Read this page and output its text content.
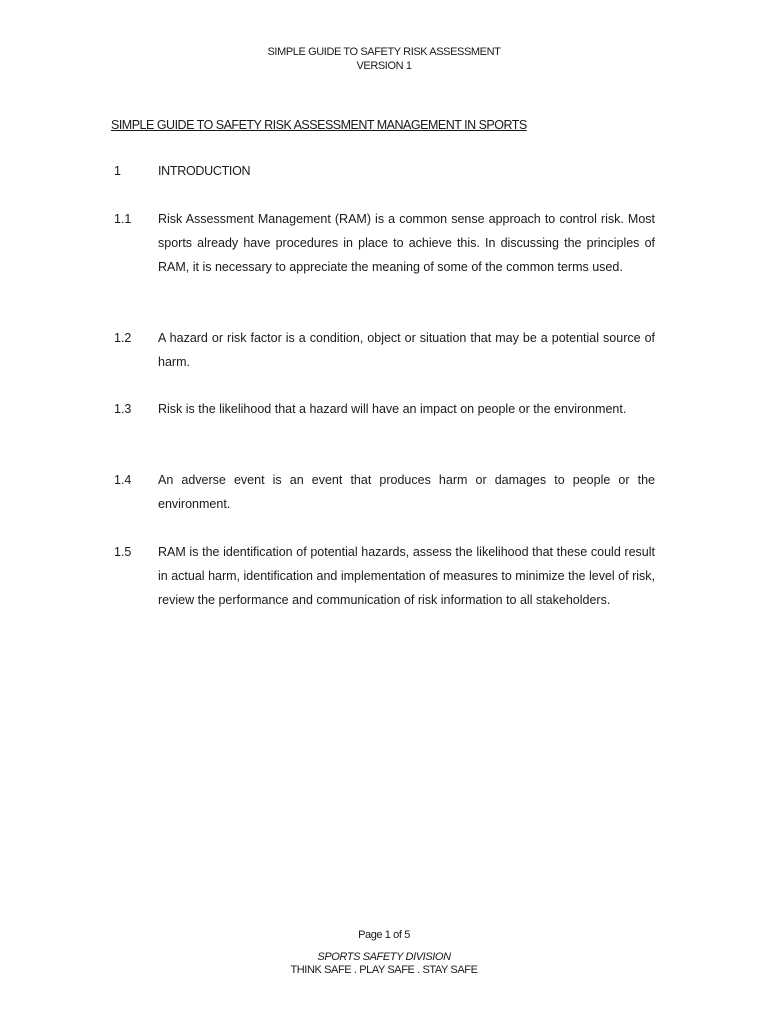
SIMPLE GUIDE TO SAFETY RISK ASSESSMENT
VERSION 1
SIMPLE GUIDE TO SAFETY RISK ASSESSMENT MANAGEMENT IN SPORTS
1	INTRODUCTION
1.1 Risk Assessment Management (RAM) is a common sense approach to control risk. Most sports already have procedures in place to achieve this. In discussing the principles of RAM, it is necessary to appreciate the meaning of some of the common terms used.
1.2 A hazard or risk factor is a condition, object or situation that may be a potential source of harm.
1.3 Risk is the likelihood that a hazard will have an impact on people or the environment.
1.4 An adverse event is an event that produces harm or damages to people or the environment.
1.5 RAM is the identification of potential hazards, assess the likelihood that these could result in actual harm, identification and implementation of measures to minimize the level of risk, review the performance and communication of risk information to all stakeholders.
Page 1 of 5
SPORTS SAFETY DIVISION
THINK SAFE . PLAY SAFE . STAY SAFE
